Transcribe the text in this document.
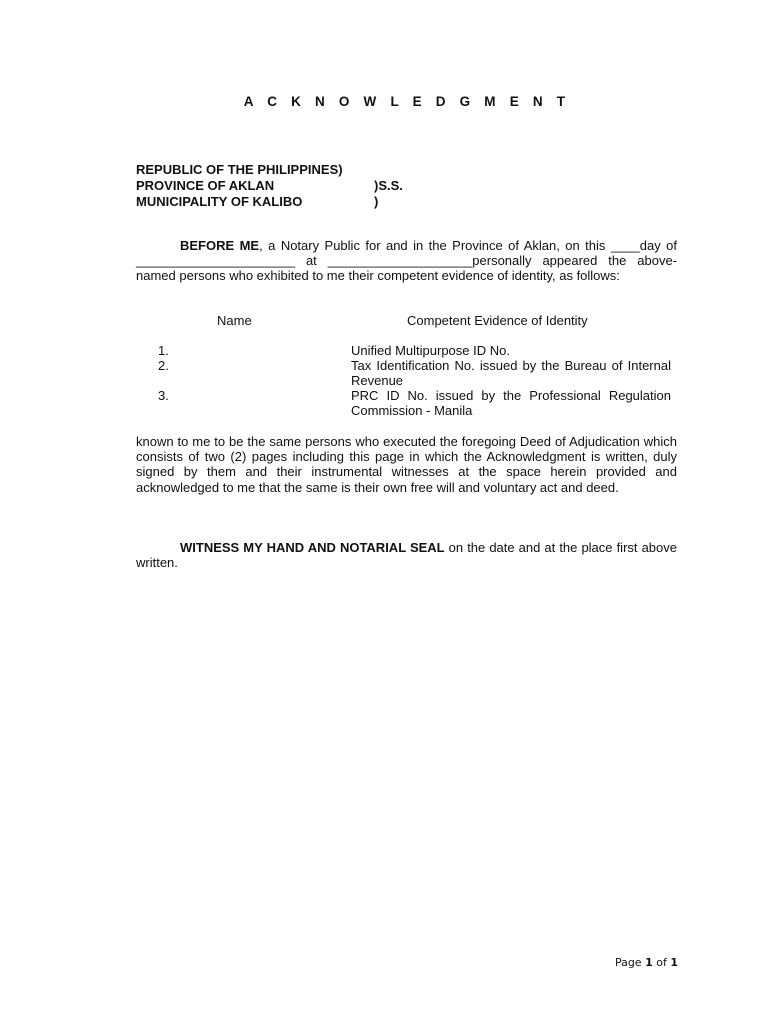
A C K N O W L E D G M E N T
REPUBLIC OF THE PHILIPPINES)
PROVINCE OF AKLAN	)S.S.
MUNICIPALITY OF KALIBO	)
BEFORE ME, a Notary Public for and in the Province of Aklan, on this ____day of ______________________ at ____________________personally appeared the above-named persons who exhibited to me their competent evidence of identity, as follows:
Name	Competent Evidence of Identity
1.	Unified Multipurpose ID No.
2.	Tax Identification No. issued by the Bureau of Internal Revenue
3.	PRC ID No. issued by the Professional Regulation Commission - Manila
known to me to be the same persons who executed the foregoing Deed of Adjudication which consists of two (2) pages including this page in which the Acknowledgment is written, duly signed by them and their instrumental witnesses at the space herein provided and acknowledged to me that the same is their own free will and voluntary act and deed.
WITNESS MY HAND AND NOTARIAL SEAL on the date and at the place first above written.
Page 1 of 1
